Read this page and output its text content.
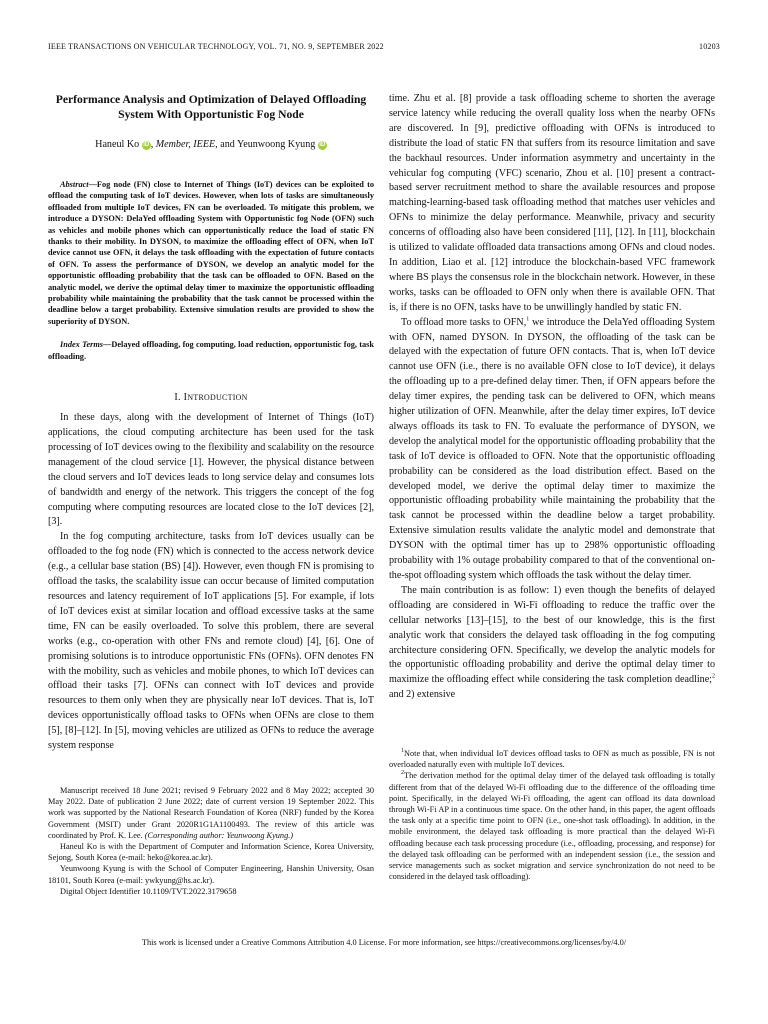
IEEE TRANSACTIONS ON VEHICULAR TECHNOLOGY, VOL. 71, NO. 9, SEPTEMBER 2022	10203
Performance Analysis and Optimization of Delayed Offloading System With Opportunistic Fog Node
Haneul Ko iD , Member, IEEE, and Yeunwoong Kyung iD
Abstract—Fog node (FN) close to Internet of Things (IoT) devices can be exploited to offload the computing task of IoT devices. However, when lots of tasks are simultaneously offloaded from multiple IoT devices, FN can be overloaded. To mitigate this problem, we introduce a DYSON: DelaYed offloading System with Opportunistic fog Node (OFN) such as vehicles and mobile phones which can opportunistically reduce the load of static FN thanks to their mobility. In DYSON, to maximize the offloading effect of OFN, when IoT device cannot use OFN, it delays the task offloading with the expectation of future contacts of OFN. To assess the performance of DYSON, we develop an analytic model for the opportunistic offloading probability that the task can be offloaded to OFN. Based on the analytic model, we derive the optimal delay timer to maximize the opportunistic offloading probability while maintaining the probability that the task cannot be processed within the deadline below a target probability. Extensive simulation results are provided to show the superiority of DYSON.
Index Terms—Delayed offloading, fog computing, load reduction, opportunistic fog, task offloading.
I. INTRODUCTION

In these days, along with the development of Internet of Things (IoT) applications, the cloud computing architecture has been used for the task processing of IoT devices owing to the flexibility and scalability on the resource management of the cloud service [1]. However, the physical distance between the cloud servers and IoT devices leads to long service delay and consumes lots of bandwidth and energy of the network. This triggers the concept of the fog computing where computing resources are located close to the IoT devices [2], [3].

In the fog computing architecture, tasks from IoT devices usually can be offloaded to the fog node (FN) which is connected to the access network device (e.g., a cellular base station (BS) [4]). However, even though FN is promising to offload the tasks, the scalability issue can occur because of limited computation resources and latency requirement of IoT applications [5]. For example, if lots of IoT devices exist at similar location and offload excessive tasks at the same time, FN can be easily overloaded. To solve this problem, there are several works (e.g., co-operation with other FNs and remote cloud) [4], [6]. One of promising solutions is to introduce opportunistic FNs (OFNs). OFN denotes FN with the mobility, such as vehicles and mobile phones, to which IoT devices can offload their tasks [7]. OFNs can connect with IoT devices and provide resources to them only when they are physically near IoT devices. That is, IoT devices opportunistically offload tasks to OFNs when OFNs are close to them [5], [8]–[12]. In [5], moving vehicles are utilized as OFNs to reduce the average system response

time. Zhu et al. [8] provide a task offloading scheme to shorten the average service latency while reducing the overall quality loss when the nearby OFNs are discovered. In [9], predictive offloading with OFNs is introduced to distribute the load of static FN that suffers from its resource limitation and save the backhaul resources. Under information asymmetry and uncertainty in the vehicular fog computing (VFC) scenario, Zhou et al. [10] present a contract-based server recruitment method to share the available resources and propose matching-learning-based task offloading method that matches user vehicles and OFNs to minimize the delay performance. Meanwhile, privacy and security concerns of offloading also have been considered [11], [12]. In [11], blockchain is utilized to validate offloaded data transactions among OFNs and cloud nodes. In addition, Liao et al. [12] introduce the blockchain-based VFC framework where BS plays the consensus role in the blockchain network. However, in these works, tasks can be offloaded to OFN only when there is available OFN. That is, if there is no OFN, tasks have to be unwillingly handled by static FN.

To offload more tasks to OFN,$^1$ we introduce the DelaYed offloading System with OFN, named DYSON. In DYSON, the offloading of the task can be delayed with the expectation of future OFN contacts. That is, when IoT device cannot use OFN (i.e., there is no available OFN close to IoT device), it delays the offloading up to a pre-defined delay timer. Then, if OFN appears before the delay timer expires, the pending task can be delivered to OFN, which means higher utilization of OFN. Meanwhile, after the delay timer expires, IoT device always offloads its task to FN. To evaluate the performance of DYSON, we develop the analytical model for the opportunistic offloading probability that the task of IoT device is offloaded to OFN. Note that the opportunistic offloading probability can be considered as the load distribution effect. Based on the developed model, we derive the optimal delay timer to maximize the opportunistic offloading probability while maintaining the probability that the task cannot be processed within the deadline below a target probability. Extensive simulation results validate the analytic model and demonstrate that DYSON with the optimal timer has up to 298% opportunistic offloading probability with 1% outage probability compared to that of the conventional on-the-spot offloading system which offloads the task without the delay timer.

The main contribution is as follow: 1) even though the benefits of delayed offloading are considered in Wi-Fi offloading to reduce the traffic over the cellular networks [13]–[15], to the best of our knowledge, this is the first analytic work that considers the delayed task offloading in the fog computing architecture considering OFN. Specifically, we develop the analytic models for the opportunistic offloading probability and derive the optimal delay timer to maximize the offloading effect while considering the task completion deadline;$^2$ and 2) extensive

$^1$Note that, when individual IoT devices offload tasks to OFN as much as possible, FN is not overloaded naturally even with multiple IoT devices.

$^2$The derivation method for the optimal delay timer of the delayed task offloading is totally different from that of the delayed Wi-Fi offloading due to the difference of the offloading time point. Specifically, in the delayed Wi-Fi offloading, the agent can offload its data download through Wi-Fi AP in a continuous time space. On the other hand, in this paper, the agent offloads the task only at a specific time point to OFN (i.e., one-shot task offloading). In addition, in the mobile environment, the delayed task offloading is more practical than the delayed Wi-Fi offloading because each task processing procedure (i.e., offloading, processing, and response) for the delayed task offloading can be performed with an independent session (i.e., the session and service managements such as socket migration and service synchronization do not need to be considered in the delayed task offloading).

Manuscript received 18 June 2021; revised 9 February 2022 and 8 May 2022; accepted 30 May 2022. Date of publication 2 June 2022; date of current version 19 September 2022. This work was supported by the National Research Foundation of Korea (NRF) funded by the Korea Government (MSIT) under Grant 2020R1G1A1100493. The review of this article was coordinated by Prof. K. Lee. (Corresponding author: Yeunwoong Kyung.)

Haneul Ko is with the Department of Computer and Information Science, Korea University, Sejong, South Korea (e-mail: heko@korea.ac.kr).

Yeunwoong Kyung is with the School of Computer Engineering, Hanshin University, Osan 18101, South Korea (e-mail: ywkyung@hs.ac.kr).

Digital Object Identifier 10.1109/TVT.2022.3179658

This work is licensed under a Creative Commons Attribution 4.0 License. For more information, see https://creativecommons.org/licenses/by/4.0/
